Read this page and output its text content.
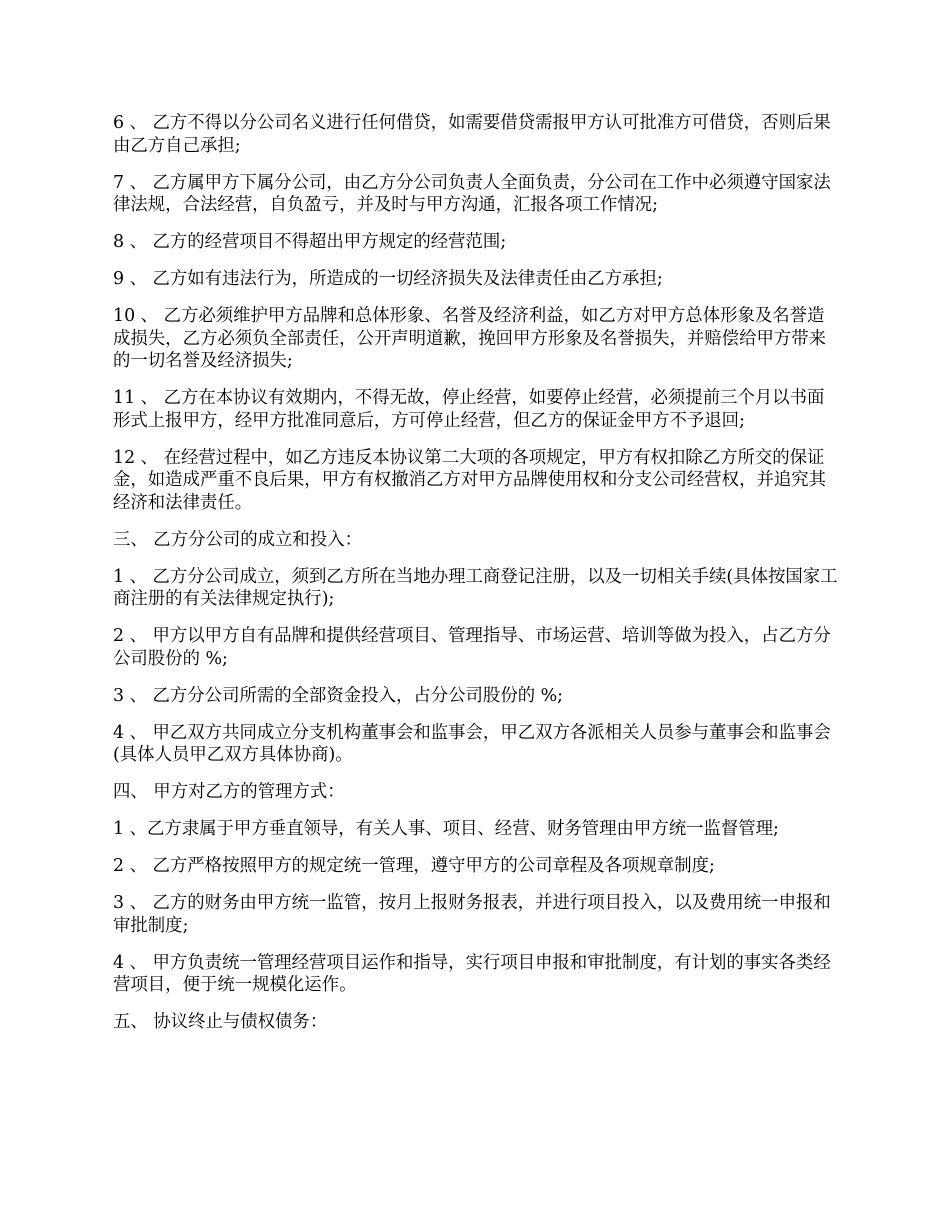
6 、 乙方不得以分公司名义进行任何借贷，如需要借贷需报甲方认可批准方可借贷，否则后果由乙方自己承担;

7 、 乙方属甲方下属分公司，由乙方分公司负责人全面负责，分公司在工作中必须遵守国家法律法规，合法经营，自负盈亏，并及时与甲方沟通，汇报各项工作情况;

8 、 乙方的经营项目不得超出甲方规定的经营范围;

9 、 乙方如有违法行为，所造成的一切经济损失及法律责任由乙方承担;

10 、 乙方必须维护甲方品牌和总体形象、名誉及经济利益，如乙方对甲方总体形象及名誉造成损失，乙方必须负全部责任，公开声明道歉，挽回甲方形象及名誉损失，并赔偿给甲方带来的一切名誉及经济损失;

11 、 乙方在本协议有效期内，不得无故，停止经营，如要停止经营，必须提前三个月以书面形式上报甲方，经甲方批准同意后，方可停止经营，但乙方的保证金甲方不予退回;

12 、 在经营过程中，如乙方违反本协议第二大项的各项规定，甲方有权扣除乙方所交的保证金，如造成严重不良后果，甲方有权撤消乙方对甲方品牌使用权和分支公司经营权，并追究其经济和法律责任。

三、 乙方分公司的成立和投入：

1 、 乙方分公司成立，须到乙方所在当地办理工商登记注册，以及一切相关手续(具体按国家工商注册的有关法律规定执行);

2 、 甲方以甲方自有品牌和提供经营项目、管理指导、市场运营、培训等做为投入，占乙方分公司股份的 %;

3 、 乙方分公司所需的全部资金投入，占分公司股份的 %;

4 、 甲乙双方共同成立分支机构董事会和监事会，甲乙双方各派相关人员参与董事会和监事会(具体人员甲乙双方具体协商)。

四、 甲方对乙方的管理方式：

1 、乙方隶属于甲方垂直领导，有关人事、项目、经营、财务管理由甲方统一监督管理;

2 、 乙方严格按照甲方的规定统一管理，遵守甲方的公司章程及各项规章制度;

3 、 乙方的财务由甲方统一监管，按月上报财务报表，并进行项目投入，以及费用统一申报和审批制度;

4 、 甲方负责统一管理经营项目运作和指导，实行项目申报和审批制度，有计划的事实各类经营项目，便于统一规模化运作。

五、 协议终止与债权债务：
